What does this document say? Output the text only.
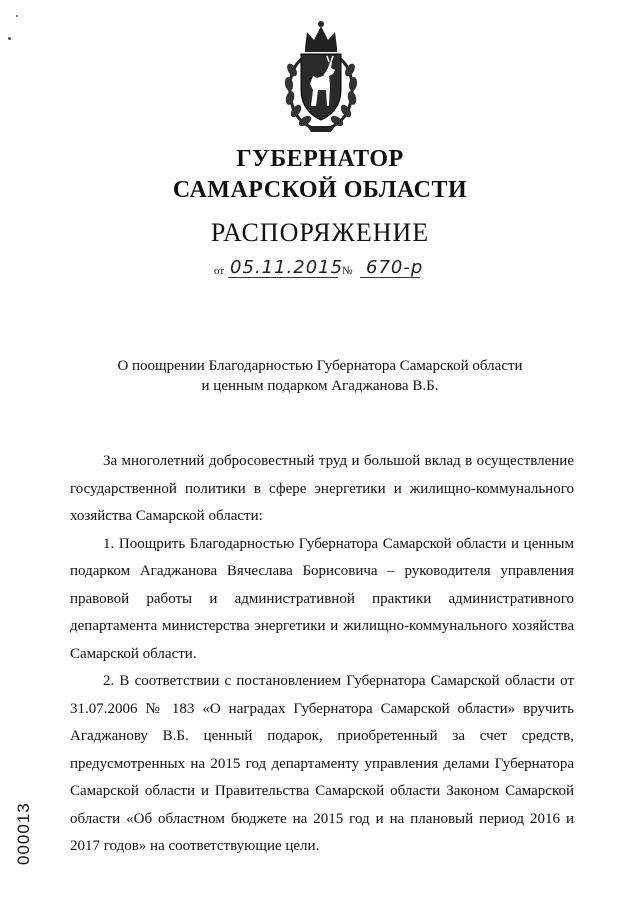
ГУБЕРНАТОР
САМАРСКОЙ ОБЛАСТИ
РАСПОРЯЖЕНИЕ
от 05.11.2015
№ 670-р
О поощрении Благодарностью Губернатора Самарской области
и ценным подарком Агаджанова В.Б.

За многолетний добросовестный труд и большой вклад в осуществление государственной политики в сфере энергетики и жилищно-коммунального хозяйства Самарской области:

1. Поощрить Благодарностью Губернатора Самарской области и ценным подарком Агаджанова Вячеслава Борисовича – руководителя управления правовой работы и административной практики административного департамента министерства энергетики и жилищно-коммунального хозяйства Самарской области.

2. В соответствии с постановлением Губернатора Самарской области от 31.07.2006 № 183 «О наградах Губернатора Самарской области» вручить Агаджанову В.Б. ценный подарок, приобретенный за счет средств, предусмотренных на 2015 год департаменту управления делами Губернатора Самарской области и Правительства Самарской области Законом Самарской области «Об областном бюджете на 2015 год и на плановый период 2016 и 2017 годов» на соответствующие цели.

000013
